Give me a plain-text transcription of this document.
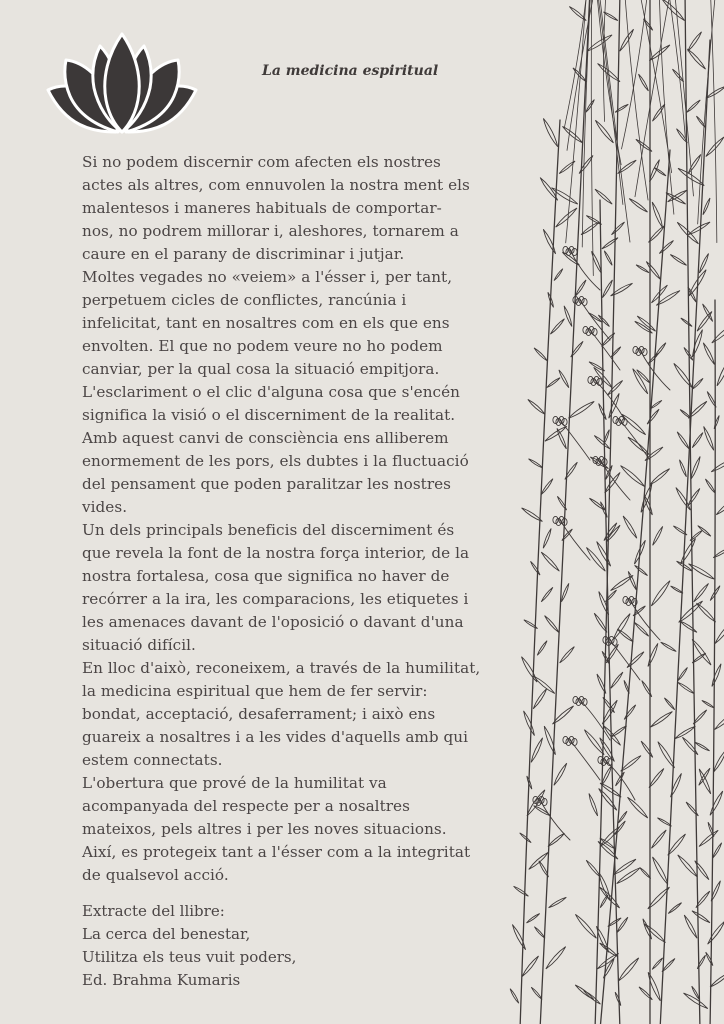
La medicina espiritual
Si no podem discernir com afecten els nostres
actes als altres, com ennuvolen la nostra ment els
malentesos i maneres habituals de comportar-
nos, no podrem millorar i, aleshores, tornarem a
caure en el parany de discriminar i jutjar.
Moltes vegades no «veiem» a l'ésser i, per tant,
perpetuem cicles de conflictes, rancúnia i
infelicitat, tant en nosaltres com en els que ens
envolten. El que no podem veure no ho podem
canviar, per la qual cosa la situació empitjora.
L'esclariment o el clic d'alguna cosa que s'encén
significa la visió o el discerniment de la realitat.
Amb aquest canvi de consciència ens alliberem
enormement de les pors, els dubtes i la fluctuació
del pensament que poden paralitzar les nostres
vides.
Un dels principals beneficis del discerniment és
que revela la font de la nostra força interior, de la
nostra fortalesa, cosa que significa no haver de
recórrer a la ira, les comparacions, les etiquetes i
les amenaces davant de l'oposició o davant d'una
situació difícil.
En lloc d'això, reconeixem, a través de la humilitat,
la medicina espiritual que hem de fer servir:
bondat, acceptació, desaferrament; i això ens
guareix a nosaltres i a les vides d'aquells amb qui
estem connectats.
L'obertura que prové de la humilitat va
acompanyada del respecte per a nosaltres
mateixos, pels altres i per les noves situacions.
Així, es protegeix tant a l'ésser com a la integritat
de qualsevol acció.
Extracte del llibre:
La cerca del benestar,
Utilitza els teus vuit poders,
Ed. Brahma Kumaris
